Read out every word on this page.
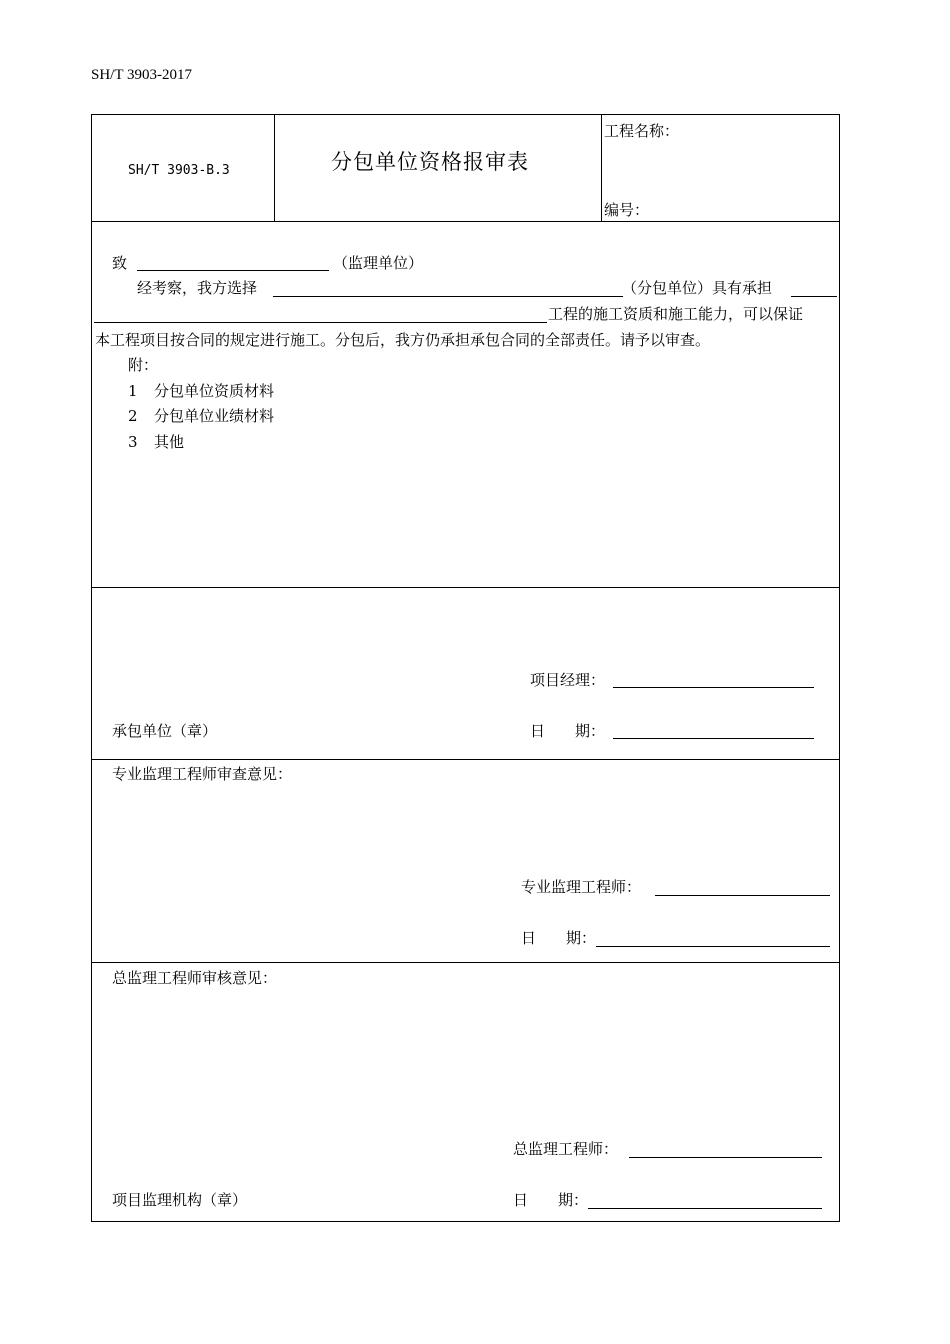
SH/T 3903-2017
SH/T 3903-B.3	分包单位资格报审表
工程名称：
编号：
致	（监理单位）
经考察，我方选择	（分包单位）具有承担
工程的施工资质和施工能力，可以保证
本工程项目按合同的规定进行施工。分包后，我方仍承担承包合同的全部责任。请予以审查。
附：
1 分包单位资质材料
2 分包单位业绩材料
3 其他
项目经理：
承包单位（章）	日　　期：
专业监理工程师审查意见：
专业监理工程师：
日　　期：
总监理工程师审核意见：
总监理工程师：
项目监理机构（章）	日　　期：
